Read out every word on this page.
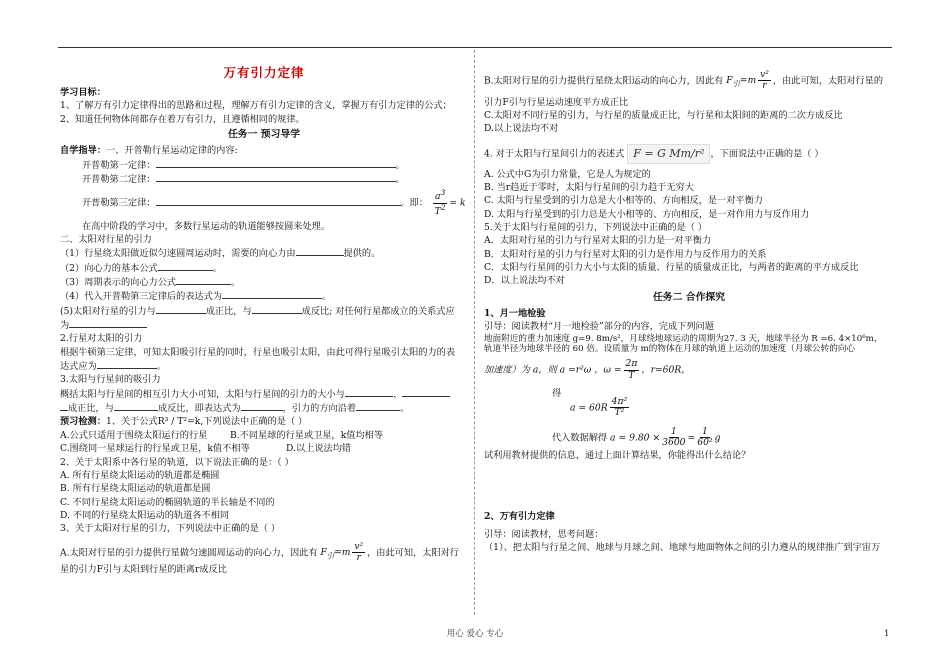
万有引力定律

学习目标：

1、了解万有引力定律得出的思路和过程，理解万有引力定律的含义，掌握万有引力定律的公式；

2、知道任何物体间都存在着万有引力，且遵循相同的规律。

任务一 预习导学

自学指导：一、开普勒行星运动定律的内容:

开普勒第一定律：	。

开普勒第二定律：	。

开普勒第三定律：	。即： $\frac{a^3}{T^2} = k$

在高中阶段的学习中，多数行星运动的轨道能够按圆来处理。

二、太阳对行星的引力

（1）行星绕太阳做近似匀速圆周运动时，需要的向心力由	提供的。

（2）向心力的基本公式	。

（3）周期表示的向心力公式	。

（4）代入开普勒第三定律后的表达式为	。

(5)太阳对行星的引力与	成正比，与	成反比; 对任何行星都成立的关系式应

为

2.行星对太阳的引力

根据牛顿第三定律，可知太阳吸引行星的同时，行星也吸引太阳，由此可得行星吸引太阳的力的表

达式应为	。

3.太阳与行星间的吸引力

概括太阳与行星间的相互引力大小可知，太阳与行星间的引力的大小与	、

成正比，与	成反比，即表达式为	，引力的方向沿着	。

预习检测：1、关于公式R³ / T²=k,下列说法中正确的是（ ）

A.公式只适用于围绕太阳运行的行星 B.不同星球的行星或卫星，k值均相等

C.围绕同一星球运行的行星或卫星，k值不相等	D.以上说法均错

2、关于太阳系中各行星的轨道，以下说法正确的是：（ ）

A. 所有行星绕太阳运动的轨道都是椭圆

B. 所有行星绕太阳运动的轨道都是圆

C. 不同行星绕太阳运动的椭圆轨道的半长轴是不同的

D. 不同的行星绕太阳运动的轨道各不相同

3、关于太阳对行星的引力，下列说法中正确的是（ ）

A.太阳对行星的引力提供行星做匀速圆周运动的向心力，因此有 $F_引=m \frac{\text{v²}}{r}$ ，由此可知，太阳对行

星的引力F引与太阳到行星的距离r成反比

B.太阳对行星的引力提供行星绕太阳运动的向心力，因此有 $F_引=m \frac{\text{v²}}{r}$ ，由此可知，太阳对行星的

引力F引与行星运动速度平方成正比

C.太阳对不同行星的引力，与行星的质量成正比，与行星和太阳间的距离的二次方成反比

D.以上说法均不对

4. 对于太阳与行星间引力的表述式 F = G Mm/r² ，下面说法中正确的是（ ）

A. 公式中G为引力常量，它是人为规定的

B. 当r趋近于零时，太阳与行星间的引力趋于无穷大

C. 太阳与行星受到的引力总是大小相等的、方向相反，是一对平衡力

D. 太阳与行星受到的引力总是大小相等的、方向相反，是一对作用力与反作用力

5.关于太阳与行星间的引力，下列说法中正确的是（ ）

A．太阳对行星的引力与行星对太阳的引力是一对平衡力

B．太阳对行星的引力与行星对太阳的引力是作用力与反作用力的关系

C．太阳与行星间的引力大小与太阳的质量、行星的质量成正比，与两者的距离的平方成反比

D．以上说法均不对

任务二 合作探究

1、月一地检验

引导：阅读教材“月一地检验”部分的内容，完成下列问题

地面附近的重力加速度 g=9. 8m/s²，月球绕地球运动的周期为27. 3 天，地球半径为 R =6. 4×10⁶m，

轨道半径为地球半径的 60 倍。设质量为 m的物体在月球的轨道上运动的加速度（月球公转的向心

加速度）为 a，则 a =r²ω ，$\omega = \frac{2\pi}{T}$ ，r=60R，

得

$a = 60R \frac{\text{4π²}}{\text{T²}}$

代入数据解得 $a = 9.80 \times \frac{1}{3600} = \frac{1}{\text{60²}}$ g

试利用教材提供的信息，通过上面计算结果，你能得出什么结论？

2、万有引力定律

引导：阅读教材，思考问题：

（1）、把太阳与行星之间、地球与月球之间、地球与地面物体之间的引力遵从的规律推广到宇宙万

用心 爱心 专心	1
